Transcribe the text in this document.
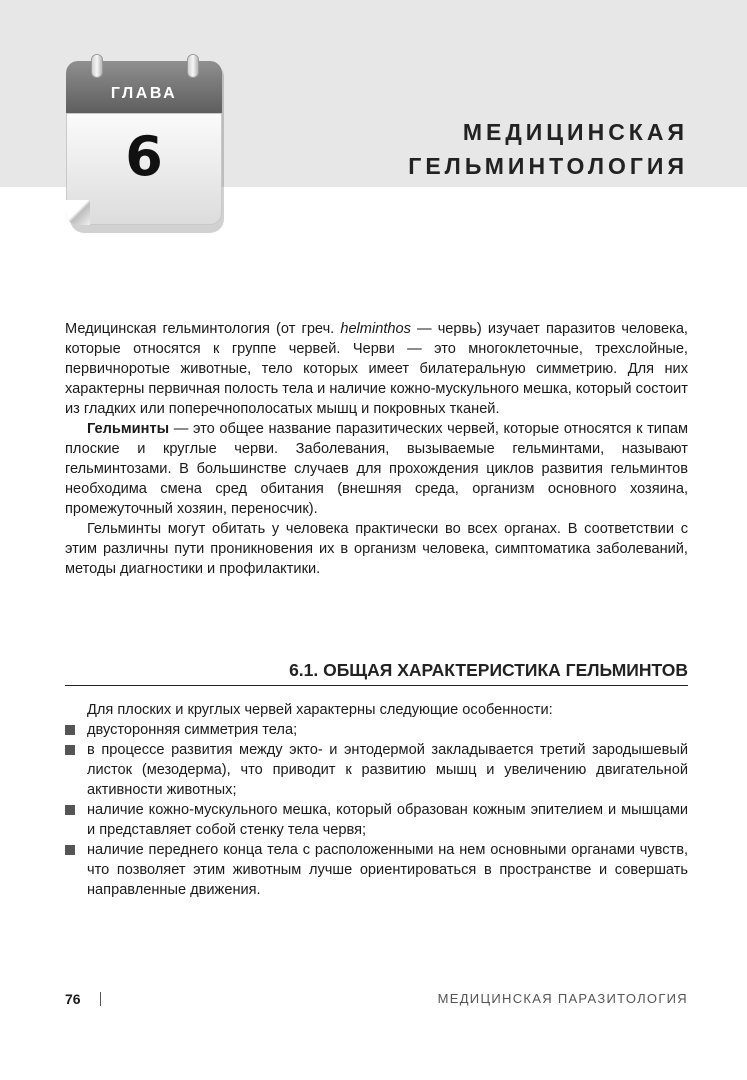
ГЛАВА
6	МЕДИЦИНСКАЯ
ГЕЛЬМИНТОЛОГИЯ

Медицинская гельминтология (от греч. helminthos — червь) изучает паразитов человека, которые относятся к группе червей. Черви — это многоклеточные, трехслойные, первичноротые животные, тело которых имеет билатеральную симметрию. Для них характерны первичная полость тела и наличие кожно-мускульного мешка, который состоит из гладких или поперечнополосатых мышц и покровных тканей.

Гельминты — это общее название паразитических червей, которые относятся к типам плоские и круглые черви. Заболевания, вызываемые гельминтами, называют гельминтозами. В большинстве случаев для прохождения циклов развития гельминтов необходима смена сред обитания (внешняя среда, организм основного хозяина, промежуточный хозяин, переносчик).

Гельминты могут обитать у человека практически во всех органах. В соответствии с этим различны пути проникновения их в организм человека, симптоматика заболеваний, методы диагностики и профилактики.

6.1. ОБЩАЯ ХАРАКТЕРИСТИКА ГЕЛЬМИНТОВ

Для плоских и круглых червей характерны следующие особенности:

двусторонняя симметрия тела;
в процессе развития между экто- и энтодермой закладывается третий зародышевый листок (мезодерма), что приводит к развитию мышц и увеличению двигательной активности животных;
наличие кожно-мускульного мешка, который образован кожным эпителием и мышцами и представляет собой стенку тела червя;
наличие переднего конца тела с расположенными на нем основными органами чувств, что позволяет этим животным лучше ориентироваться в пространстве и совершать направленные движения.
76	МЕДИЦИНСКАЯ ПАРАЗИТОЛОГИЯ
